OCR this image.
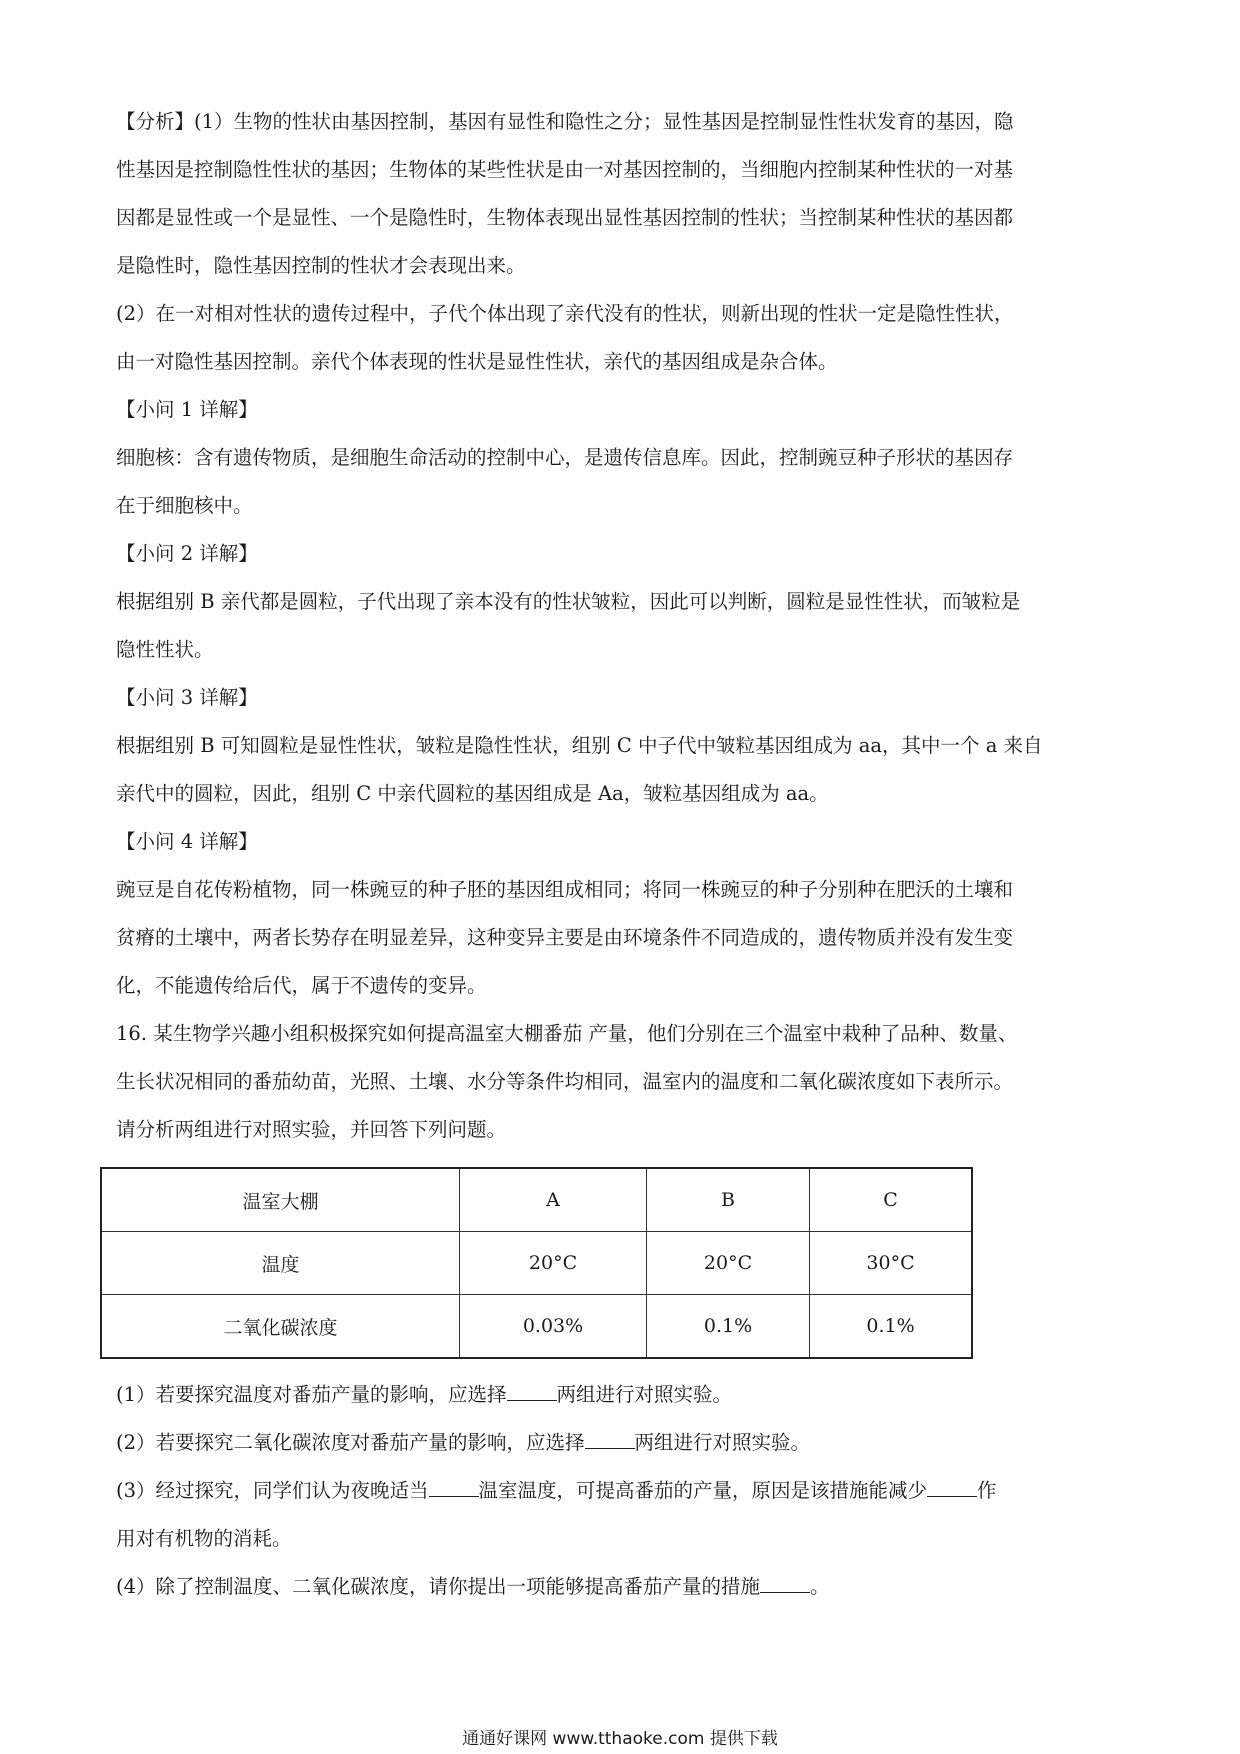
【分析】(1）生物的性状由基因控制，基因有显性和隐性之分；显性基因是控制显性性状发育的基因，隐
性基因是控制隐性性状的基因；生物体的某些性状是由一对基因控制的，当细胞内控制某种性状的一对基
因都是显性或一个是显性、一个是隐性时，生物体表现出显性基因控制的性状；当控制某种性状的基因都
是隐性时，隐性基因控制的性状才会表现出来。
(2）在一对相对性状的遗传过程中，子代个体出现了亲代没有的性状，则新出现的性状一定是隐性性状，
由一对隐性基因控制。亲代个体表现的性状是显性性状，亲代的基因组成是杂合体。
【小问 1 详解】
细胞核：含有遗传物质，是细胞生命活动的控制中心，是遗传信息库。因此，控制豌豆种子形状的基因存
在于细胞核中。
【小问 2 详解】
根据组别 B 亲代都是圆粒，子代出现了亲本没有的性状皱粒，因此可以判断，圆粒是显性性状，而皱粒是
隐性性状。
【小问 3 详解】
根据组别 B 可知圆粒是显性性状，皱粒是隐性性状，组别 C 中子代中皱粒基因组成为 aa，其中一个 a 来自
亲代中的圆粒，因此，组别 C 中亲代圆粒的基因组成是 Aa，皱粒基因组成为 aa。
【小问 4 详解】
豌豆是自花传粉植物，同一株豌豆的种子胚的基因组成相同；将同一株豌豆的种子分别种在肥沃的土壤和
贫瘠的土壤中，两者长势存在明显差异，这种变异主要是由环境条件不同造成的，遗传物质并没有发生变
化，不能遗传给后代，属于不遗传的变异。
16. 某生物学兴趣小组积极探究如何提高温室大棚番茄 产量，他们分别在三个温室中栽种了品种、数量、
生长状况相同的番茄幼苗，光照、土壤、水分等条件均相同，温室内的温度和二氧化碳浓度如下表所示。
请分析两组进行对照实验，并回答下列问题。
温室大棚	A	B	C
温度	20°C	20°C	30°C
二氧化碳浓度	0.03%	0.1%	0.1%
(1）若要探究温度对番茄产量的影响，应选择	两组进行对照实验。
(2）若要探究二氧化碳浓度对番茄产量的影响，应选择	两组进行对照实验。
(3）经过探究，同学们认为夜晚适当	温室温度，可提高番茄的产量，原因是该措施能减少	作
用对有机物的消耗。
(4）除了控制温度、二氧化碳浓度，请你提出一项能够提高番茄产量的措施	。
通通好课网 www.tthaoke.com 提供下载
